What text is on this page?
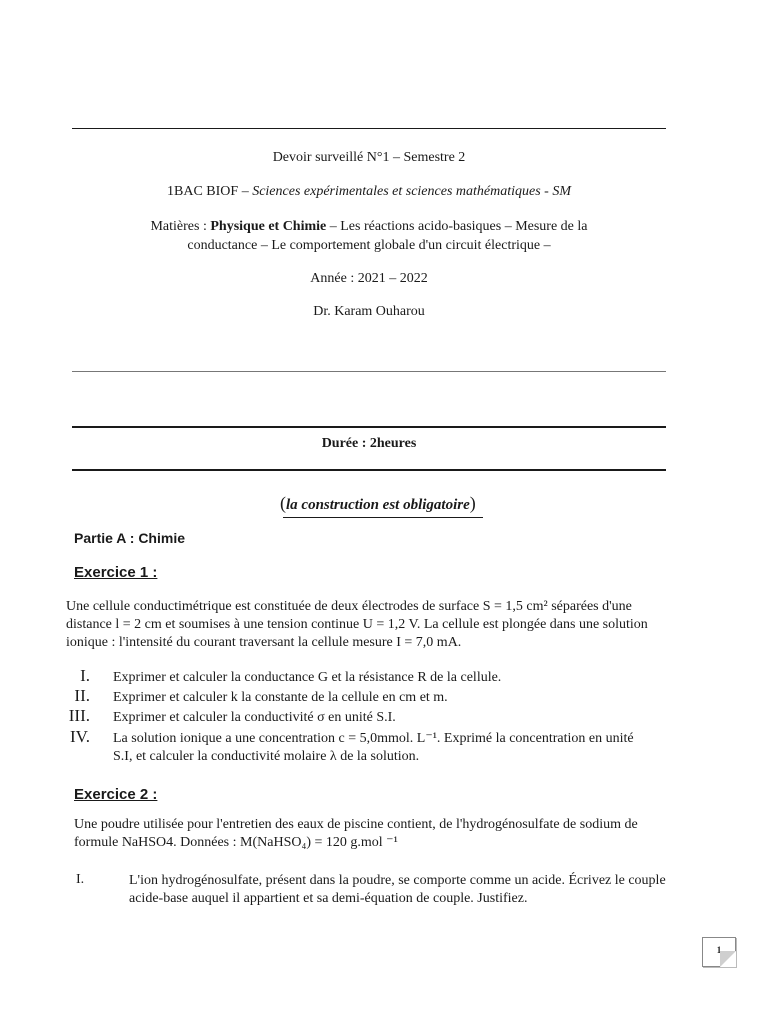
Devoir surveillé N°1 – Semestre 2
1BAC BIOF – Sciences expérimentales et sciences mathématiques - SM
Matières : Physique et Chimie – Les réactions acido-basiques – Mesure de la
conductance – Le comportement globale d'un circuit électrique –
Année : 2021 – 2022
Dr. Karam Ouharou
Durée : 2heures
(la construction est obligatoire)
Partie A : Chimie
Exercice 1 :
Une cellule conductimétrique est constituée de deux électrodes de surface S = 1,5 cm² séparées d'une
distance l = 2 cm et soumises à une tension continue U = 1,2 V. La cellule est plongée dans une solution
ionique : l'intensité du courant traversant la cellule mesure I = 7,0 mA.
I. Exprimer et calculer la conductance G et la résistance R de la cellule.
II. Exprimer et calculer k la constante de la cellule en cm et m.
III. Exprimer et calculer la conductivité σ en unité S.I.
IV. La solution ionique a une concentration c = 5,0mmol. L⁻¹. Exprimé la concentration en unité
S.I, et calculer la conductivité molaire λ de la solution.
Exercice 2 :
Une poudre utilisée pour l'entretien des eaux de piscine contient, de l'hydrogénosulfate de sodium de
formule NaHSO4. Données : M(NaHSO₄) = 120 g.mol ⁻¹
I.	L'ion hydrogénosulfate, présent dans la poudre, se comporte comme un acide. Écrivez le couple
acide-base auquel il appartient et sa demi-équation de couple. Justifiez.
1
